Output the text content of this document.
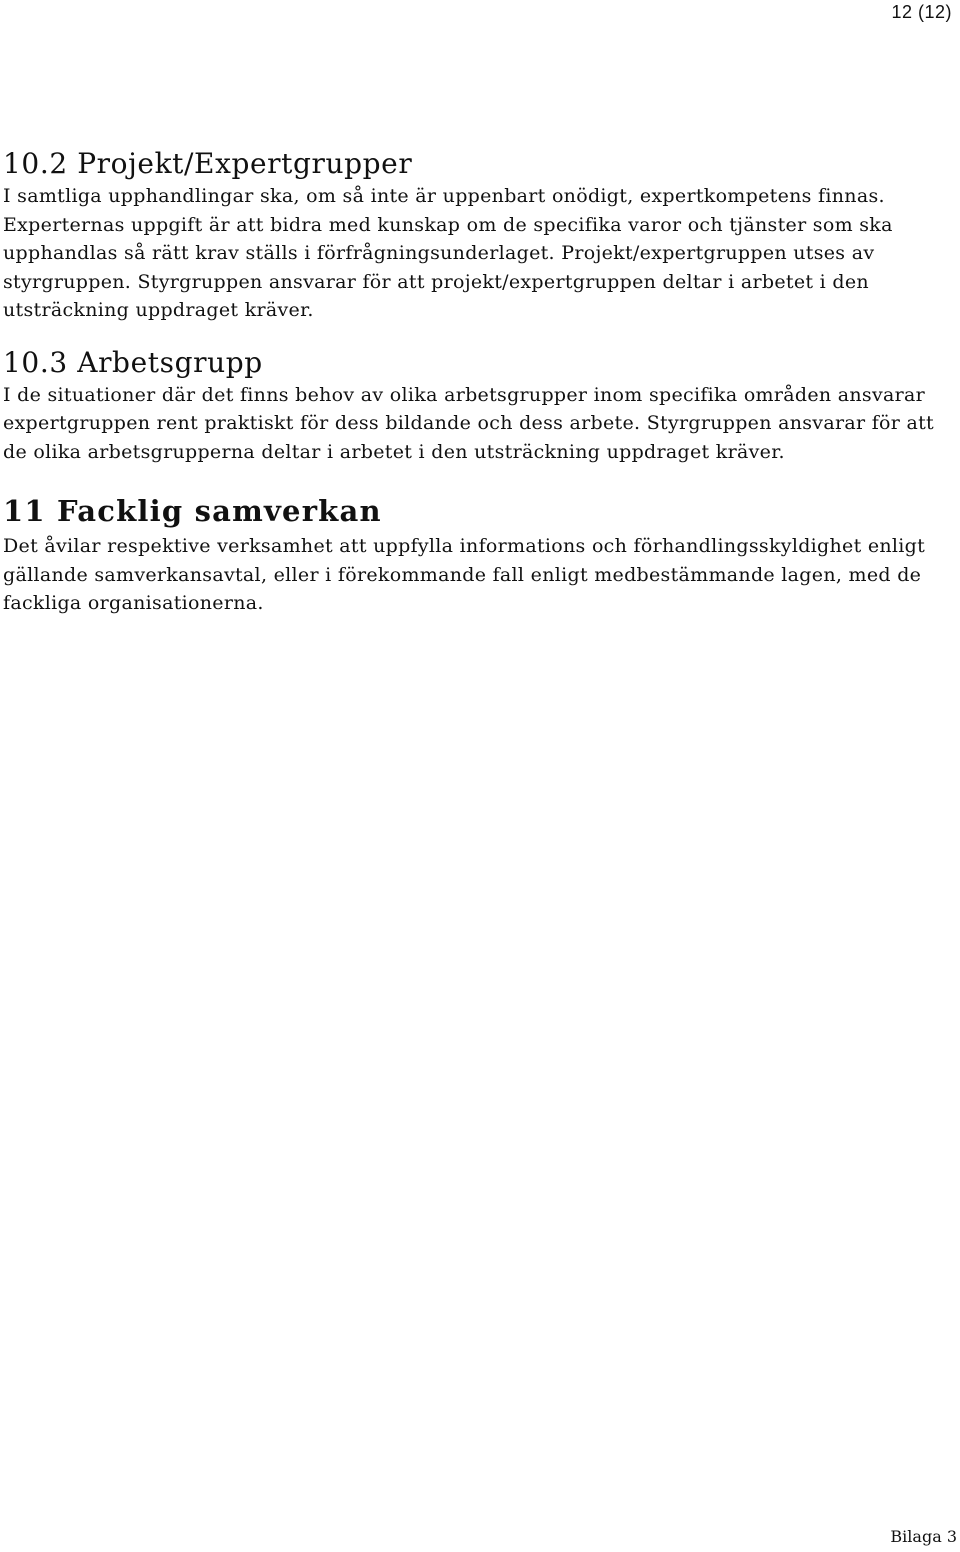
12 (12)
10.2 Projekt/Expertgrupper

I samtliga upphandlingar ska, om så inte är uppenbart onödigt, expertkompetens finnas. Experternas uppgift är att bidra med kunskap om de specifika varor och tjänster som ska upphandlas så rätt krav ställs i förfrågningsunderlaget. Projekt/expertgruppen utses av styrgruppen. Styrgruppen ansvarar för att projekt/expertgruppen deltar i arbetet i den utsträckning uppdraget kräver.

10.3 Arbetsgrupp

I de situationer där det finns behov av olika arbetsgrupper inom specifika områden ansvarar expertgruppen rent praktiskt för dess bildande och dess arbete. Styrgruppen ansvarar för att de olika arbetsgrupperna deltar i arbetet i den utsträckning uppdraget kräver.

11 Facklig samverkan

Det åvilar respektive verksamhet att uppfylla informations och förhandlingsskyldighet enligt gällande samverkansavtal, eller i förekommande fall enligt medbestämmande lagen, med de fackliga organisationerna.

Bilaga 3
